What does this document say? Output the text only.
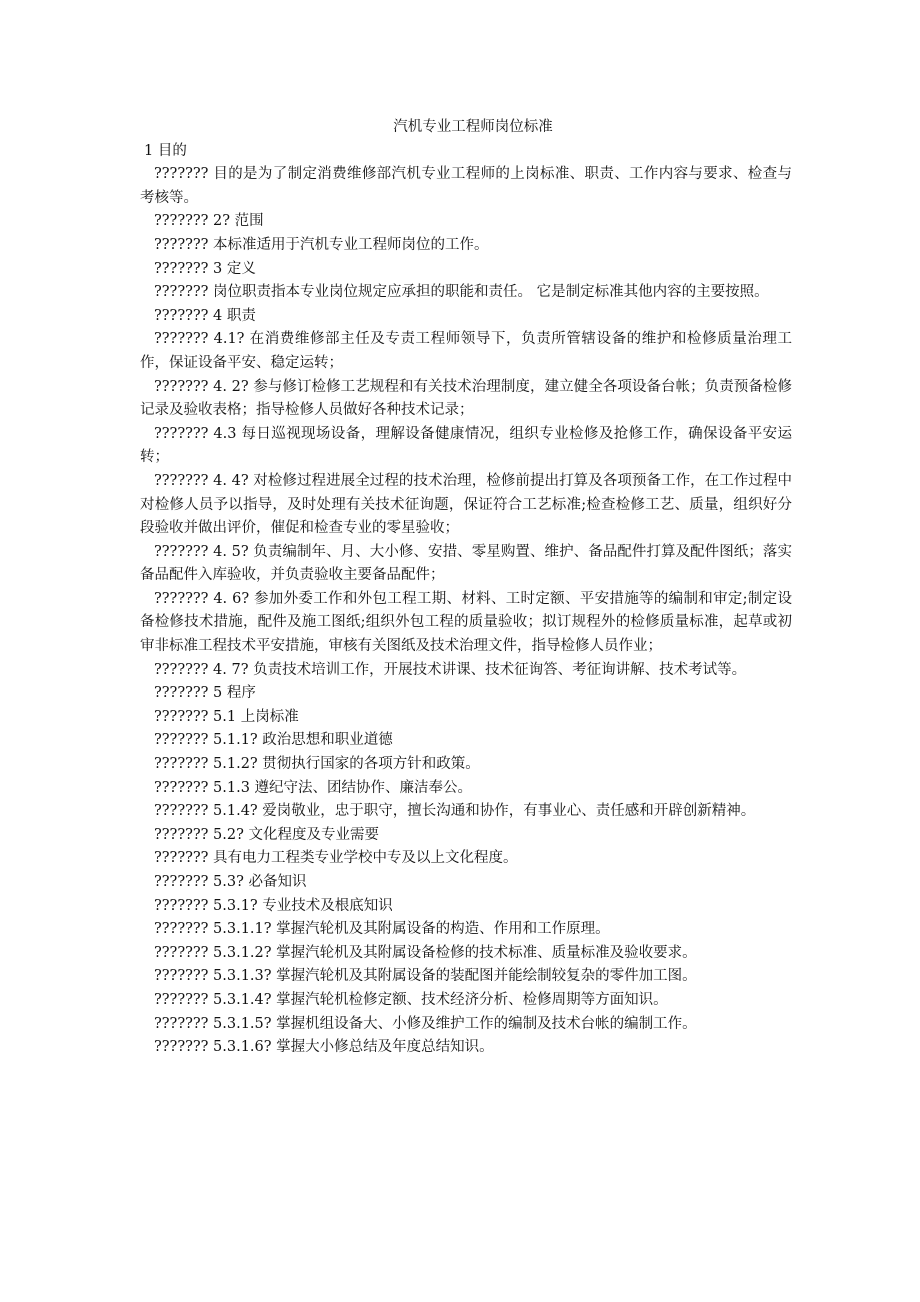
汽机专业工程师岗位标准

1 目的

??????? 目的是为了制定消费维修部汽机专业工程师的上岗标准、职责、工作内容与要求、检查与考核等。

??????? 2? 范围

??????? 本标准适用于汽机专业工程师岗位的工作。

??????? 3 定义

??????? 岗位职责指本专业岗位规定应承担的职能和责任。 它是制定标准其他内容的主要按照。

??????? 4 职责

??????? 4.1? 在消费维修部主任及专责工程师领导下，负责所管辖设备的维护和检修质量治理工作，保证设备平安、稳定运转；

??????? 4. 2? 参与修订检修工艺规程和有关技术治理制度，建立健全各项设备台帐；负责预备检修记录及验收表格；指导检修人员做好各种技术记录；

??????? 4.3 每日巡视现场设备，理解设备健康情况，组织专业检修及抢修工作，确保设备平安运转；

??????? 4. 4? 对检修过程进展全过程的技术治理，检修前提出打算及各项预备工作，在工作过程中对检修人员予以指导，及时处理有关技术征询题，保证符合工艺标准;检查检修工艺、质量，组织好分段验收并做出评价，催促和检查专业的零星验收；

??????? 4. 5? 负责编制年、月、大小修、安措、零星购置、维护、备品配件打算及配件图纸；落实备品配件入库验收，并负责验收主要备品配件；

??????? 4. 6? 参加外委工作和外包工程工期、材料、工时定额、平安措施等的编制和审定;制定设备检修技术措施，配件及施工图纸;组织外包工程的质量验收；拟订规程外的检修质量标准，起草或初审非标准工程技术平安措施，审核有关图纸及技术治理文件，指导检修人员作业；

??????? 4. 7? 负责技术培训工作，开展技术讲课、技术征询答、考征询讲解、技术考试等。

??????? 5 程序

??????? 5.1 上岗标准

??????? 5.1.1? 政治思想和职业道德

??????? 5.1.2? 贯彻执行国家的各项方针和政策。

??????? 5.1.3 遵纪守法、团结协作、廉洁奉公。

??????? 5.1.4? 爱岗敬业，忠于职守，擅长沟通和协作，有事业心、责任感和开辟创新精神。

??????? 5.2? 文化程度及专业需要

??????? 具有电力工程类专业学校中专及以上文化程度。

??????? 5.3? 必备知识

??????? 5.3.1? 专业技术及根底知识

??????? 5.3.1.1? 掌握汽轮机及其附属设备的构造、作用和工作原理。

??????? 5.3.1.2? 掌握汽轮机及其附属设备检修的技术标准、质量标准及验收要求。

??????? 5.3.1.3? 掌握汽轮机及其附属设备的装配图并能绘制较复杂的零件加工图。

??????? 5.3.1.4? 掌握汽轮机检修定额、技术经济分析、检修周期等方面知识。

??????? 5.3.1.5? 掌握机组设备大、小修及维护工作的编制及技术台帐的编制工作。

??????? 5.3.1.6? 掌握大小修总结及年度总结知识。
